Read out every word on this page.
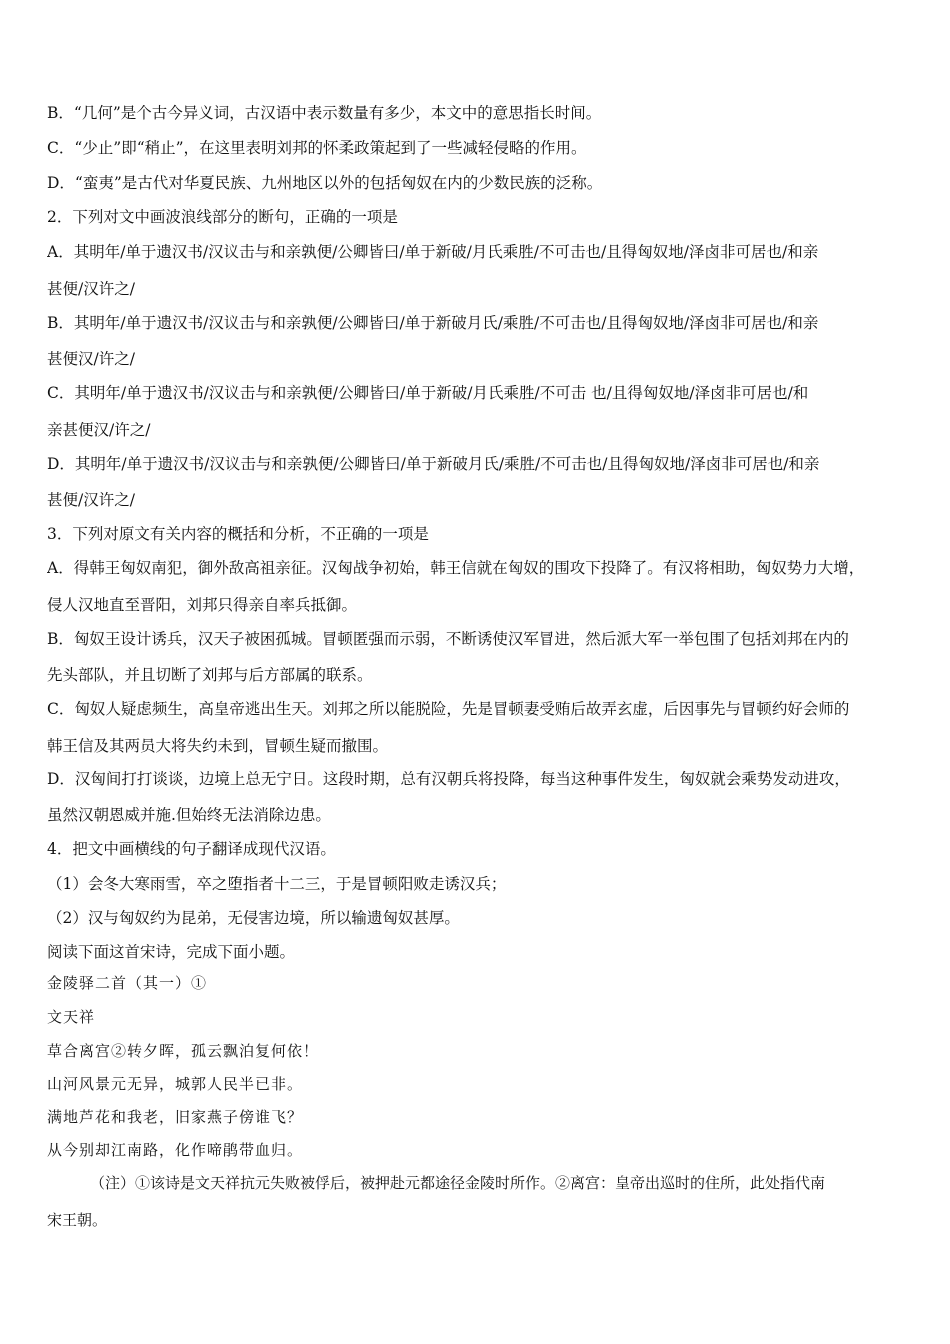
B．“几何”是个古今异义词，古汉语中表示数量有多少，本文中的意思指长时间。
C．“少止”即“稍止”，在这里表明刘邦的怀柔政策起到了一些减轻侵略的作用。
D．“蛮夷”是古代对华夏民族、九州地区以外的包括匈奴在内的少数民族的泛称。
2．下列对文中画波浪线部分的断句，正确的一项是
A．其明年/单于遗汉书/汉议击与和亲孰便/公卿皆曰/单于新破/月氏乘胜/不可击也/且得匈奴地/泽卤非可居也/和亲
甚便/汉许之/
B．其明年/单于遗汉书/汉议击与和亲孰便/公卿皆曰/单于新破月氏/乘胜/不可击也/且得匈奴地/泽卤非可居也/和亲
甚便汉/许之/
C．其明年/单于遗汉书/汉议击与和亲孰便/公卿皆曰/单于新破/月氏乘胜/不可击 也/且得匈奴地/泽卤非可居也/和
亲甚便汉/许之/
D．其明年/单于遗汉书/汉议击与和亲孰便/公卿皆曰/单于新破月氏/乘胜/不可击也/且得匈奴地/泽卤非可居也/和亲
甚便/汉许之/
3．下列对原文有关内容的概括和分析，不正确的一项是
A．得韩王匈奴南犯，御外敌高祖亲征。汉匈战争初始，韩王信就在匈奴的围攻下投降了。有汉将相助，匈奴势力大增，
侵人汉地直至晋阳，刘邦只得亲自率兵抵御。
B．匈奴王设计诱兵，汉天子被困孤城。冒顿匿强而示弱，不断诱使汉军冒进，然后派大军一举包围了包括刘邦在内的
先头部队，并且切断了刘邦与后方部属的联系。
C．匈奴人疑虑频生，高皇帝逃出生天。刘邦之所以能脱险，先是冒顿妻受贿后故弄玄虚，后因事先与冒顿约好会师的
韩王信及其两员大将失约未到，冒顿生疑而撤围。
D．汉匈间打打谈谈，边境上总无宁日。这段时期，总有汉朝兵将投降，每当这种事件发生，匈奴就会乘势发动进攻，
虽然汉朝恩威并施.但始终无法消除边患。
4．把文中画横线的句子翻译成现代汉语。
（1）会冬大寒雨雪，卒之堕指者十二三，于是冒顿阳败走诱汉兵；
（2）汉与匈奴约为昆弟，无侵害边境，所以输遗匈奴甚厚。
阅读下面这首宋诗，完成下面小题。
金陵驿二首（其一）①
文天祥
草合离宫②转夕晖，孤云飘泊复何依！
山河风景元无异，城郭人民半已非。
满地芦花和我老，旧家燕子傍谁飞？
从今别却江南路，化作啼鹃带血归。
（注）①该诗是文天祥抗元失败被俘后，被押赴元都途径金陵时所作。②离宫：皇帝出巡时的住所，此处指代南
宋王朝。
